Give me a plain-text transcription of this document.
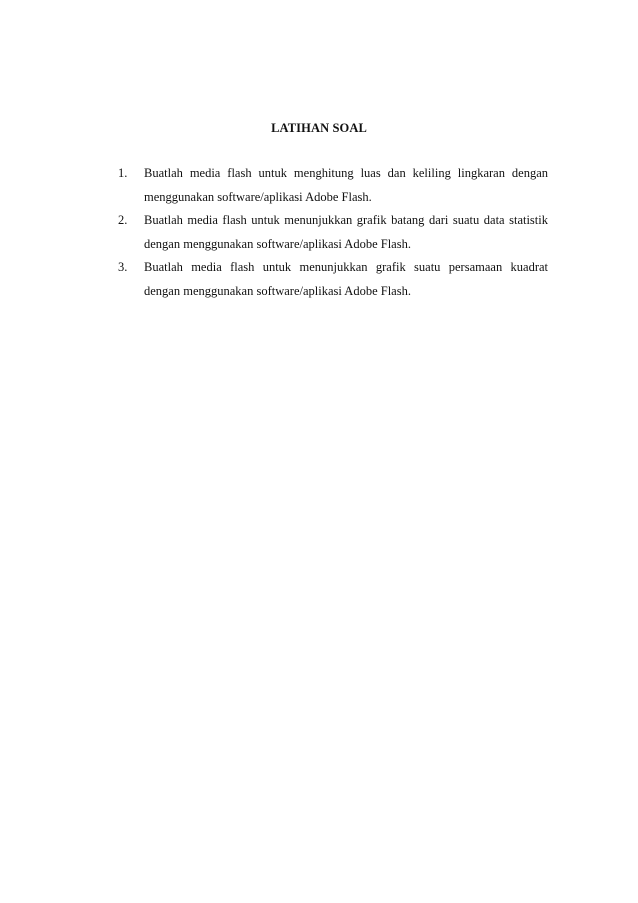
LATIHAN SOAL
1. Buatlah media flash untuk menghitung luas dan keliling lingkaran dengan
menggunakan software/aplikasi Adobe Flash.
2. Buatlah media flash untuk menunjukkan grafik batang dari suatu data statistik
dengan menggunakan software/aplikasi Adobe Flash.
3. Buatlah media flash untuk menunjukkan grafik suatu persamaan kuadrat
dengan menggunakan software/aplikasi Adobe Flash.
